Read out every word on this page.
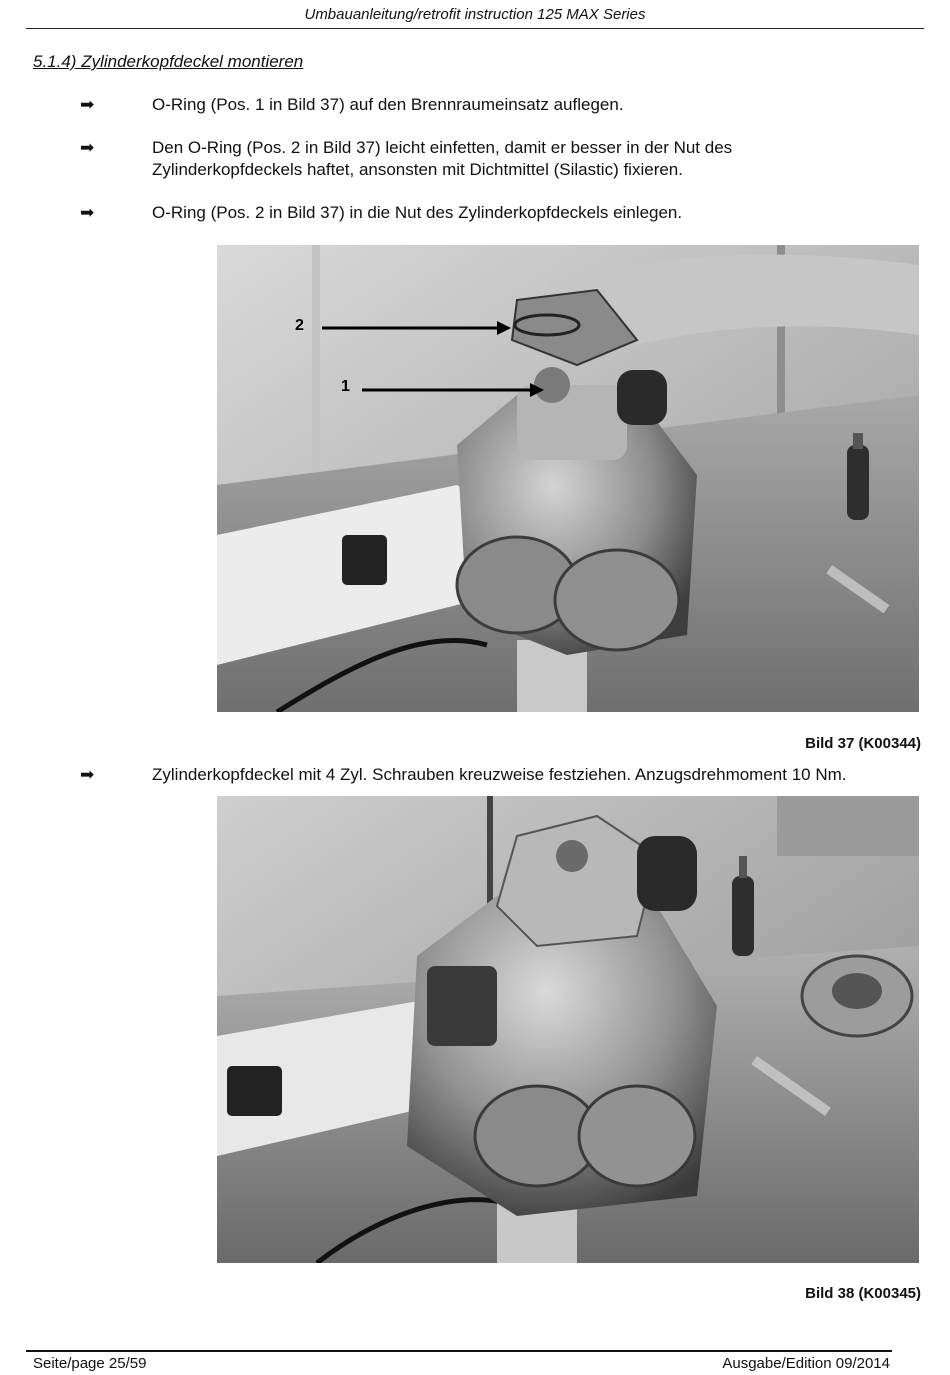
Umbauanleitung/retrofit instruction 125 MAX Series
5.1.4) Zylinderkopfdeckel montieren
➡	O-Ring (Pos. 1 in Bild 37) auf den Brennraumeinsatz auflegen.
➡	Den O-Ring (Pos. 2 in Bild 37) leicht einfetten, damit er besser in der Nut des Zylinderkopfdeckels haftet, ansonsten mit Dichtmittel (Silastic) fixieren.
➡	O-Ring (Pos. 2 in Bild 37) in die Nut des Zylinderkopfdeckels einlegen.
2
1
Bild 37 (K00344)
➡	Zylinderkopfdeckel mit 4 Zyl. Schrauben kreuzweise festziehen. Anzugsdrehmoment 10 Nm.
Bild 38 (K00345)
Seite/page 25/59	Ausgabe/Edition 09/2014
